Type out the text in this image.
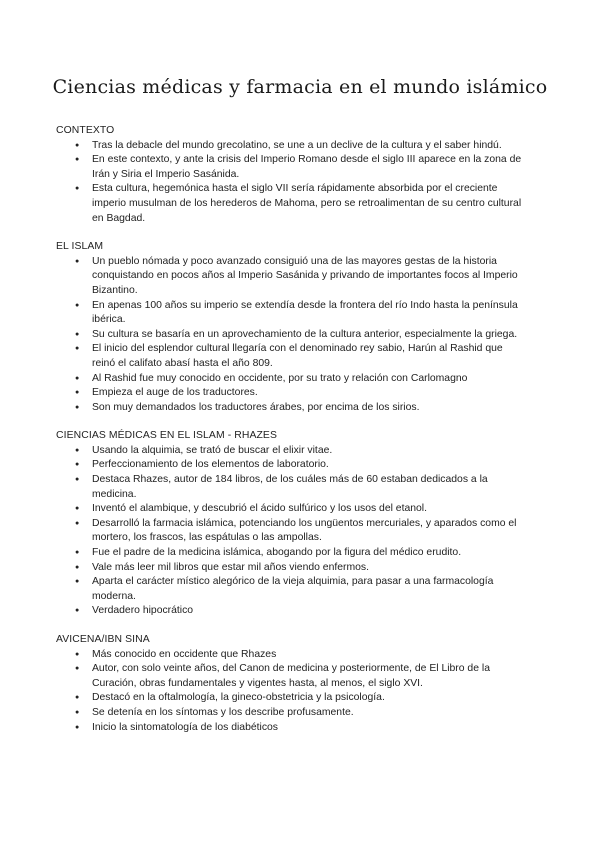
Ciencias médicas y farmacia en el mundo islámico
CONTEXTO
● Tras la debacle del mundo grecolatino, se une a un declive de la cultura y el saber hindú.
● En este contexto, y ante la crisis del Imperio Romano desde el siglo III aparece en la zona de Irán y Siria el Imperio Sasánida.
● Esta cultura, hegemónica hasta el siglo VII sería rápidamente absorbida por el creciente imperio musulman de los herederos de Mahoma, pero se retroalimentan de su centro cultural en Bagdad.
EL ISLAM
● Un pueblo nómada y poco avanzado consiguió una de las mayores gestas de la historia conquistando en pocos años al Imperio Sasánida y privando de importantes focos al Imperio Bizantino.
● En apenas 100 años su imperio se extendía desde la frontera del río Indo hasta la península ibérica.
● Su cultura se basaría en un aprovechamiento de la cultura anterior, especialmente la griega.
● El inicio del esplendor cultural llegaría con el denominado rey sabio, Harún al Rashid que reinó el califato abasí hasta el año 809.
● Al Rashid fue muy conocido en occidente, por su trato y relación con Carlomagno
● Empieza el auge de los traductores.
● Son muy demandados los traductores árabes, por encima de los sirios.
CIENCIAS MÉDICAS EN EL ISLAM - RHAZES
● Usando la alquimia, se trató de buscar el elixir vitae.
● Perfeccionamiento de los elementos de laboratorio.
● Destaca Rhazes, autor de 184 libros, de los cuáles más de 60 estaban dedicados a la medicina.
● Inventó el alambique, y descubrió el ácido sulfúrico y los usos del etanol.
● Desarrolló la farmacia islámica, potenciando los ungüentos mercuriales, y aparados como el mortero, los frascos, las espátulas o las ampollas.
● Fue el padre de la medicina islámica, abogando por la figura del médico erudito.
● Vale más leer mil libros que estar mil años viendo enfermos.
● Aparta el carácter místico alegórico de la vieja alquimia, para pasar a una farmacología moderna.
● Verdadero hipocrático
AVICENA/IBN SINA
● Más conocido en occidente que Rhazes
● Autor, con solo veinte años, del Canon de medicina y posteriormente, de El Libro de la Curación, obras fundamentales y vigentes hasta, al menos, el siglo XVI.
● Destacó en la oftalmología, la gineco-obstetricia y la psicología.
● Se detenía en los síntomas y los describe profusamente.
● Inicio la sintomatología de los diabéticos
